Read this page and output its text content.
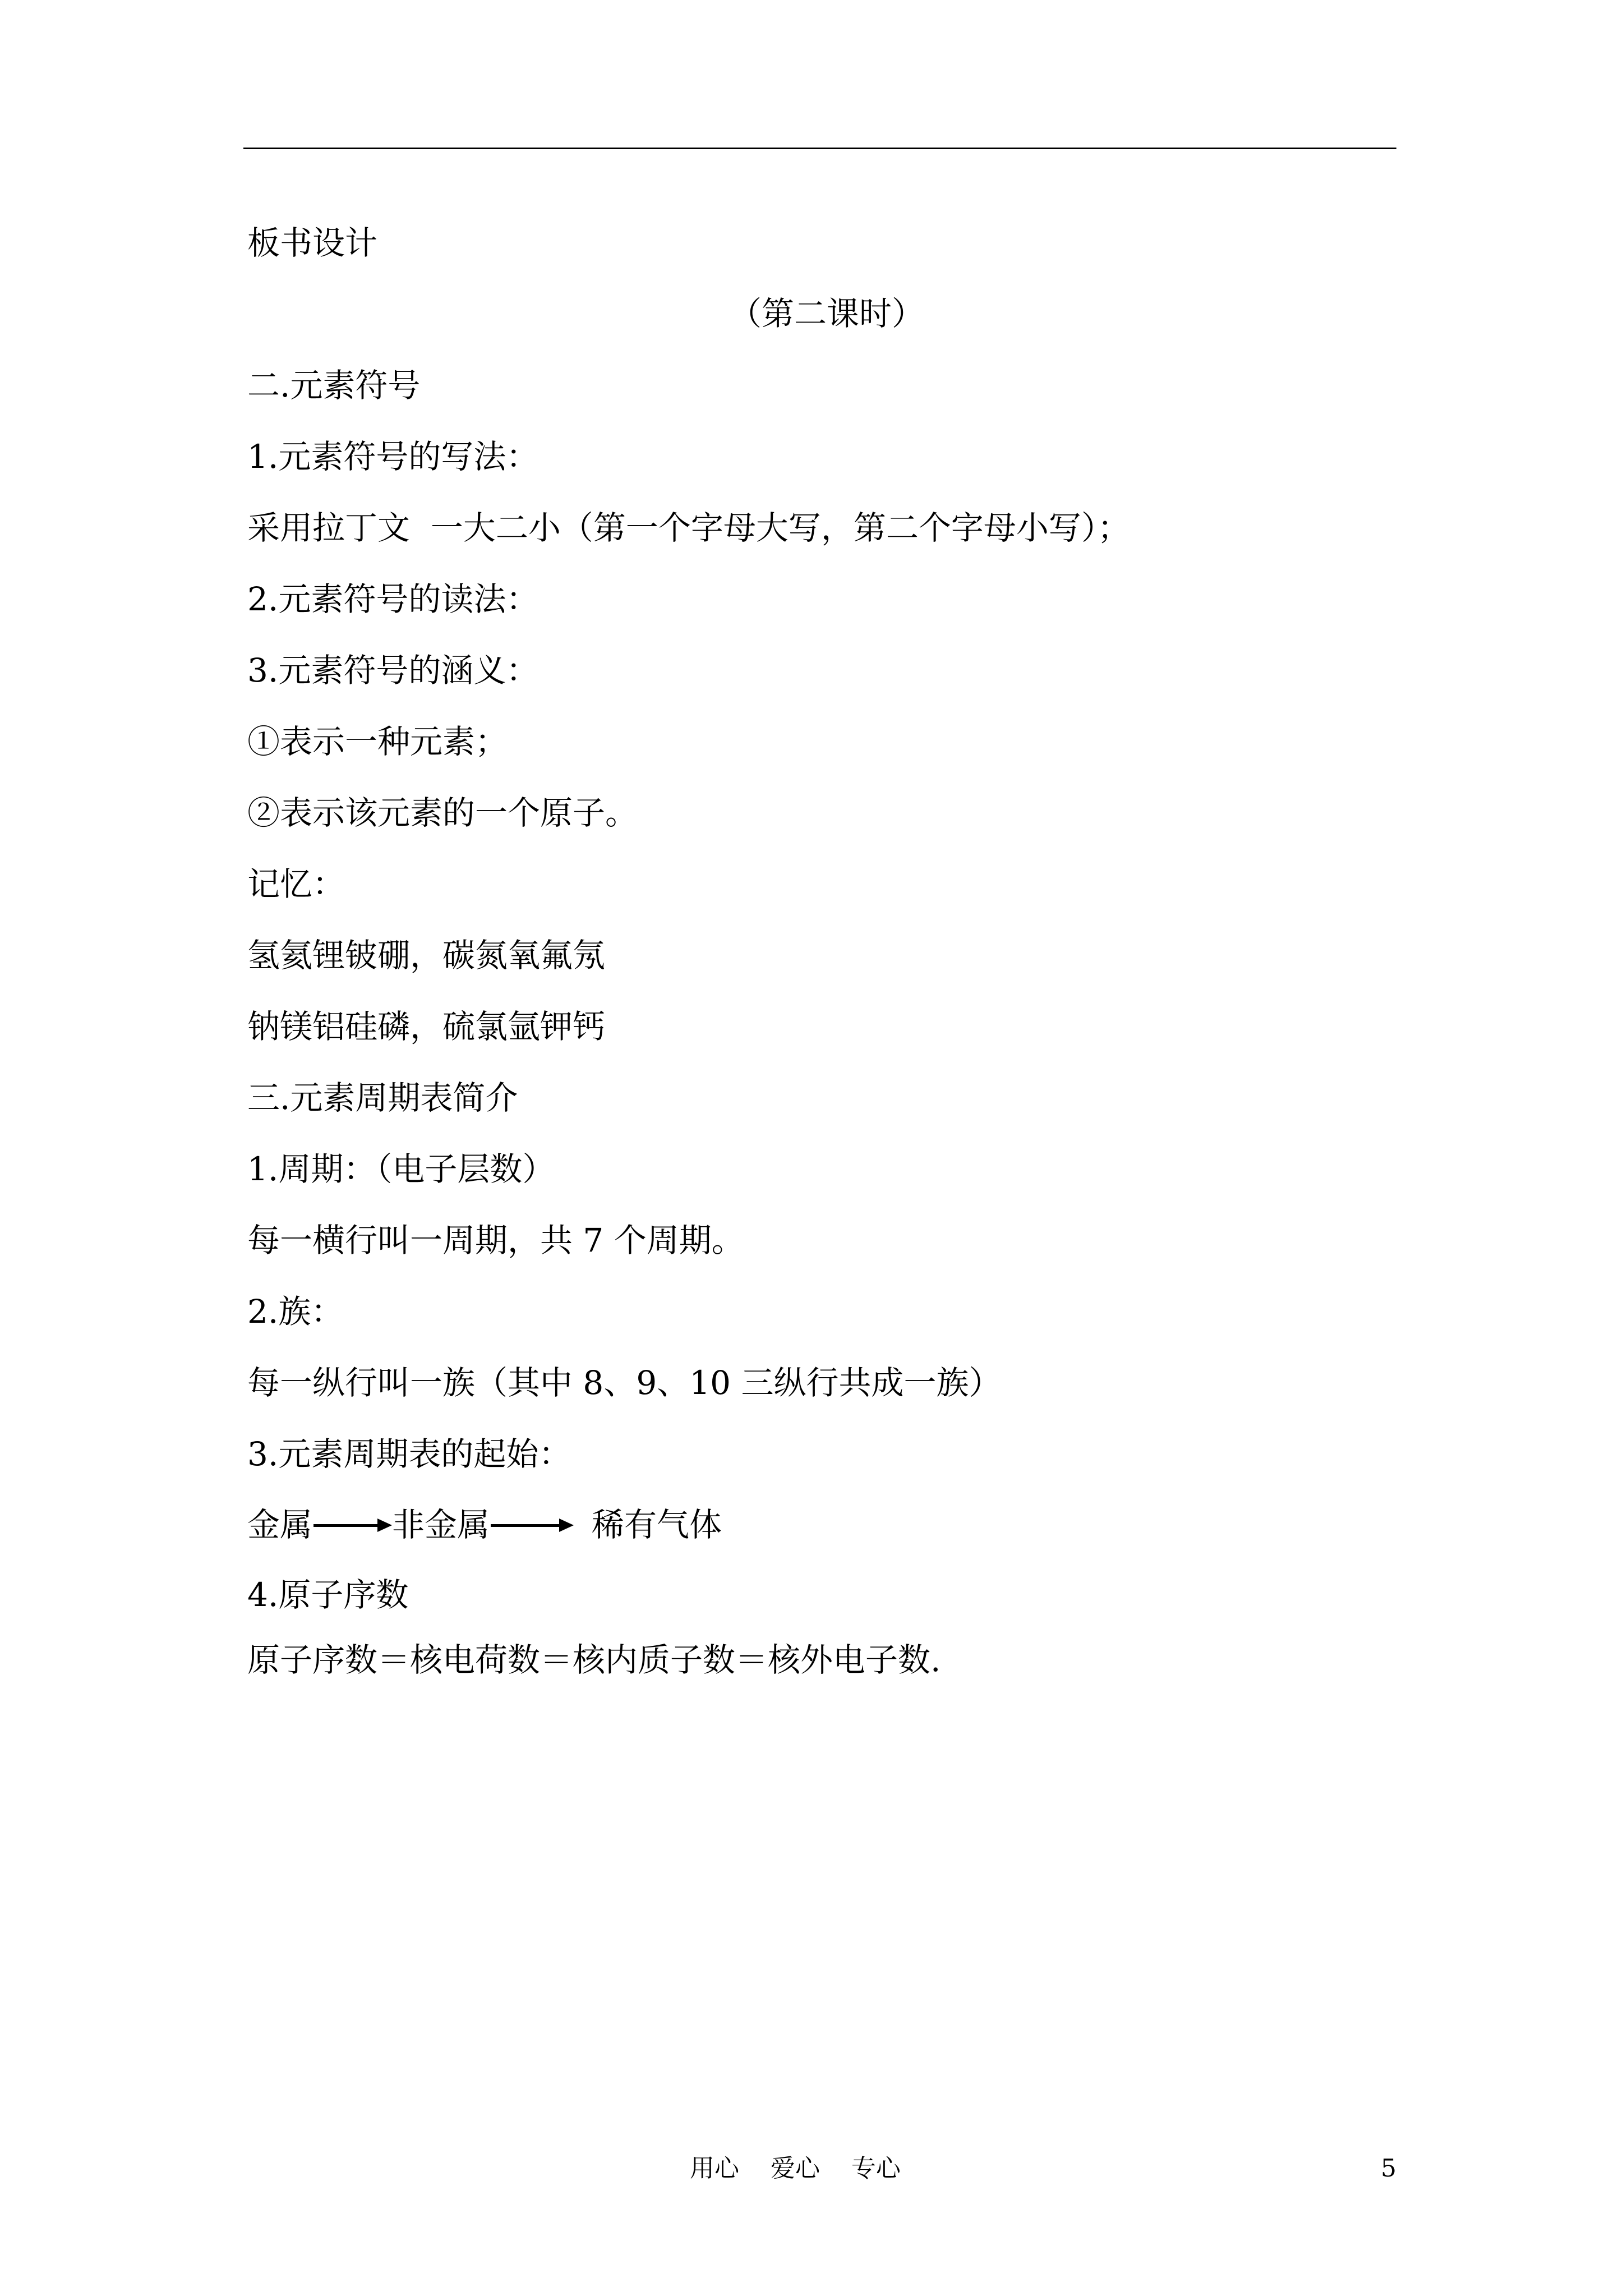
板书设计
（第二课时）
二.元素符号
1.元素符号的写法：
采用拉丁文  一大二小（第一个字母大写，第二个字母小写）；
2.元素符号的读法：
3.元素符号的涵义：
①表示一种元素；
②表示该元素的一个原子。
记忆：
氢氦锂铍硼，碳氮氧氟氖
钠镁铝硅磷，硫氯氩钾钙
三.元素周期表简介
1.周期：（电子层数）
每一横行叫一周期，共 7 个周期。
2.族：
每一纵行叫一族（其中 8、9、10 三纵行共成一族）
3.元素周期表的起始：
金属 非金属	稀有气体
4.原子序数
原子序数＝核电荷数＝核内质子数＝核外电子数.
用心    爱心    专心	5
